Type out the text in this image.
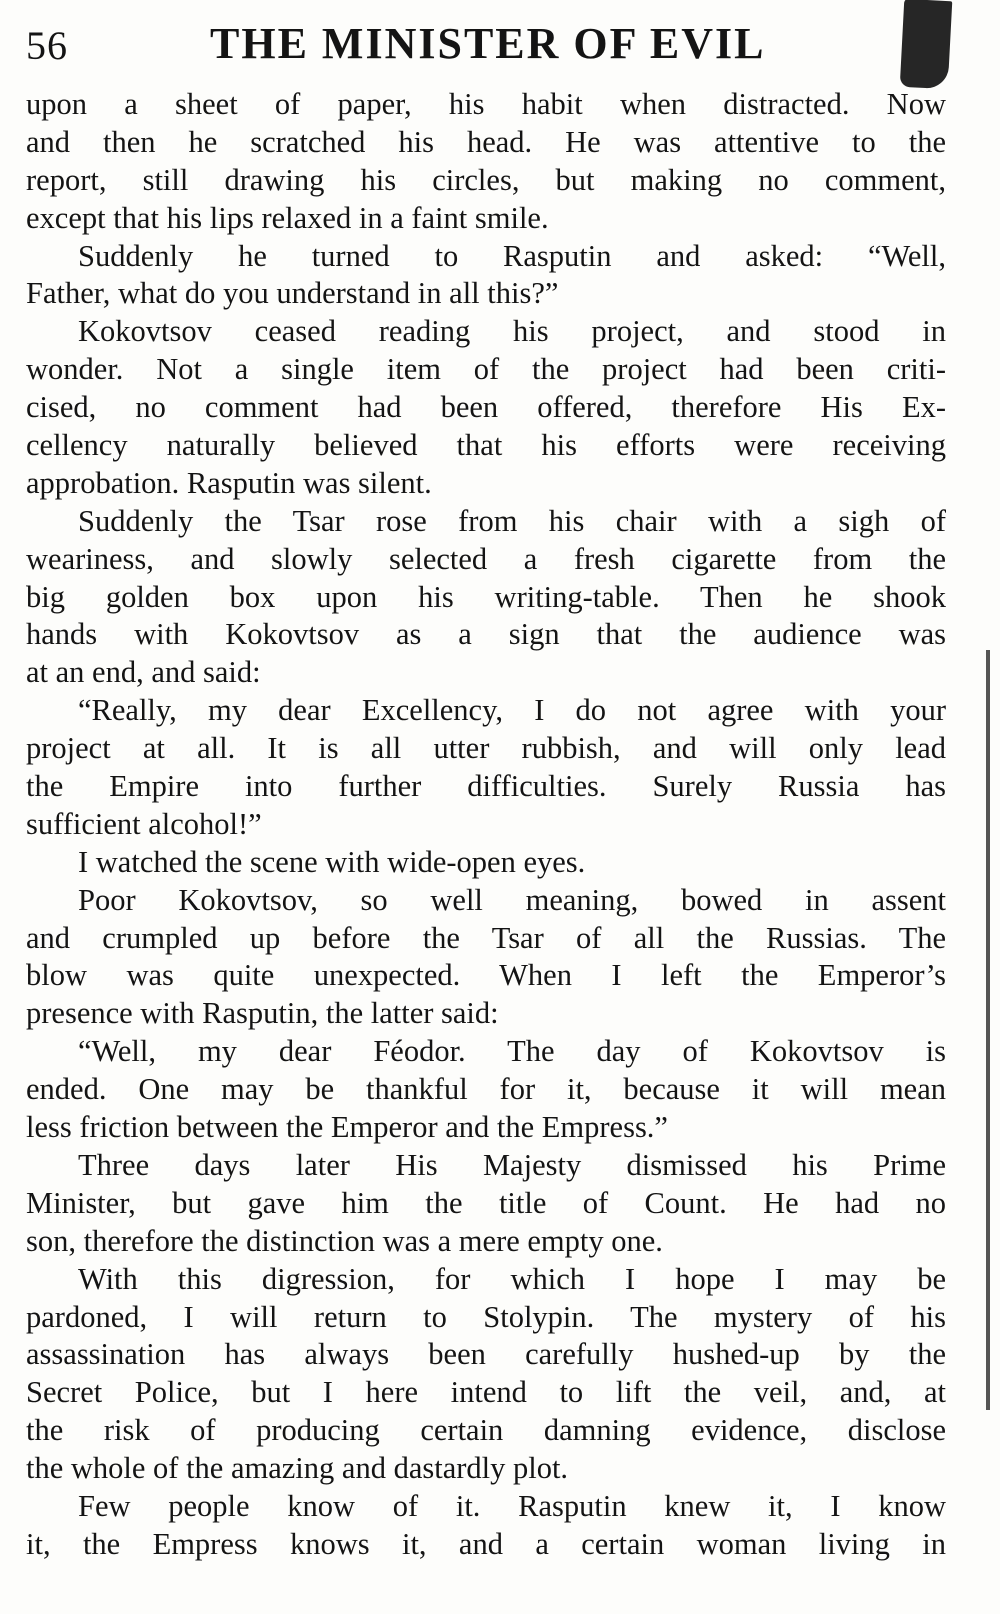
56	THE MINISTER OF EVIL
upon a sheet of paper, his habit when distracted. Now
and then he scratched his head. He was attentive to the
report, still drawing his circles, but making no comment,
except that his lips relaxed in a faint smile.
Suddenly he turned to Rasputin and asked: “Well,
Father, what do you understand in all this?”
Kokovtsov ceased reading his project, and stood in
wonder. Not a single item of the project had been criti-
cised, no comment had been offered, therefore His Ex-
cellency naturally believed that his efforts were receiving
approbation. Rasputin was silent.
Suddenly the Tsar rose from his chair with a sigh of
weariness, and slowly selected a fresh cigarette from the
big golden box upon his writing-table. Then he shook
hands with Kokovtsov as a sign that the audience was
at an end, and said:
“Really, my dear Excellency, I do not agree with your
project at all. It is all utter rubbish, and will only lead
the Empire into further difficulties. Surely Russia has
sufficient alcohol!”
I watched the scene with wide-open eyes.
Poor Kokovtsov, so well meaning, bowed in assent
and crumpled up before the Tsar of all the Russias. The
blow was quite unexpected. When I left the Emperor’s
presence with Rasputin, the latter said:
“Well, my dear Féodor. The day of Kokovtsov is
ended. One may be thankful for it, because it will mean
less friction between the Emperor and the Empress.”
Three days later His Majesty dismissed his Prime
Minister, but gave him the title of Count. He had no
son, therefore the distinction was a mere empty one.
With this digression, for which I hope I may be
pardoned, I will return to Stolypin. The mystery of his
assassination has always been carefully hushed-up by the
Secret Police, but I here intend to lift the veil, and, at
the risk of producing certain damning evidence, disclose
the whole of the amazing and dastardly plot.
Few people know of it. Rasputin knew it, I know
it, the Empress knows it, and a certain woman living in
